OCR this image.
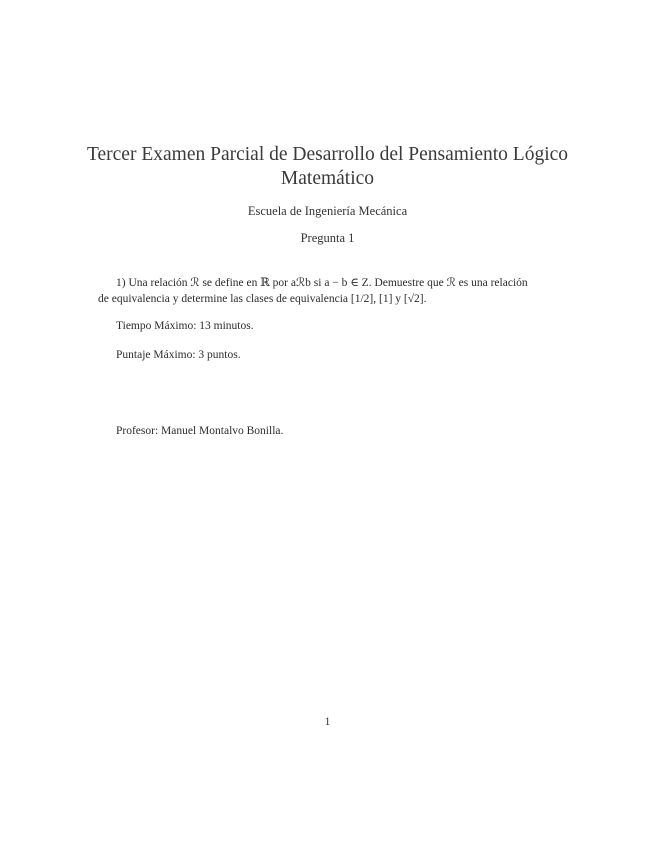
Tercer Examen Parcial de Desarrollo del Pensamiento Lógico Matemático
Escuela de Ingeniería Mecánica
Pregunta 1
1) Una relación ℛ se define en ℝ por aℛb si a − b ∈ Z. Demuestre que ℛ es una relación
de equivalencia y determine las clases de equivalencia [1/2], [1] y [√2].
Tiempo Máximo: 13 minutos.
Puntaje Máximo: 3 puntos.
Profesor: Manuel Montalvo Bonilla.
1
